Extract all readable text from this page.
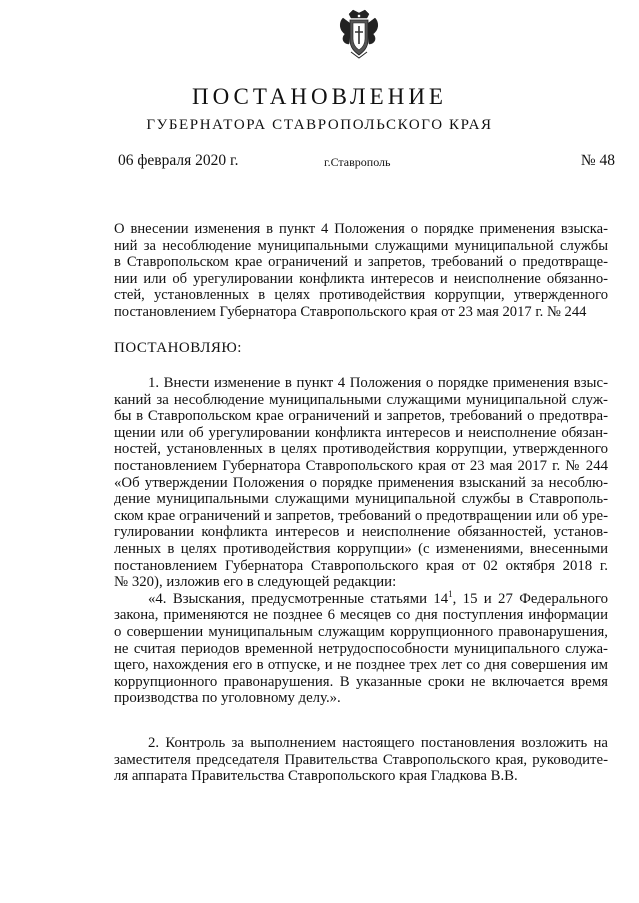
ПОСТАНОВЛЕНИЕ
ГУБЕРНАТОРА СТАВРОПОЛЬСКОГО КРАЯ
06 февраля 2020 г.	г.Ставрополь	№ 48
О внесении изменения в пункт 4 Положения о порядке применения взыска-
ний за несоблюдение муниципальными служащими муниципальной службы
в Ставропольском крае ограничений и запретов, требований о предотвраще-
нии или об урегулировании конфликта интересов и неисполнение обязанно-
стей, установленных в целях противодействия коррупции, утвержденного
постановлением Губернатора Ставропольского края от 23 мая 2017 г. № 244
ПОСТАНОВЛЯЮ:
1. Внести изменение в пункт 4 Положения о порядке применения взыс-
каний за несоблюдение муниципальными служащими муниципальной служ-
бы в Ставропольском крае ограничений и запретов, требований о предотвра-
щении или об урегулировании конфликта интересов и неисполнение обязан-
ностей, установленных в целях противодействия коррупции, утвержденного
постановлением Губернатора Ставропольского края от 23 мая 2017 г. № 244
«Об утверждении Положения о порядке применения взысканий за несоблю-
дение муниципальными служащими муниципальной службы в Ставрополь-
ском крае ограничений и запретов, требований о предотвращении или об уре-
гулировании конфликта интересов и неисполнение обязанностей, установ-
ленных в целях противодействия коррупции» (с изменениями, внесенными
постановлением Губернатора Ставропольского края от 02 октября 2018 г.
№ 320), изложив его в следующей редакции:
«4. Взыскания, предусмотренные статьями $14^1$, 15 и 27 Федерального
закона, применяются не позднее 6 месяцев со дня поступления информации
о совершении муниципальным служащим коррупционного правонарушения,
не считая периодов временной нетрудоспособности муниципального служа-
щего, нахождения его в отпуске, и не позднее трех лет со дня совершения им
коррупционного правонарушения. В указанные сроки не включается время
производства по уголовному делу.».
2. Контроль за выполнением настоящего постановления возложить на
заместителя председателя Правительства Ставропольского края, руководите-
ля аппарата Правительства Ставропольского края Гладкова В.В.
